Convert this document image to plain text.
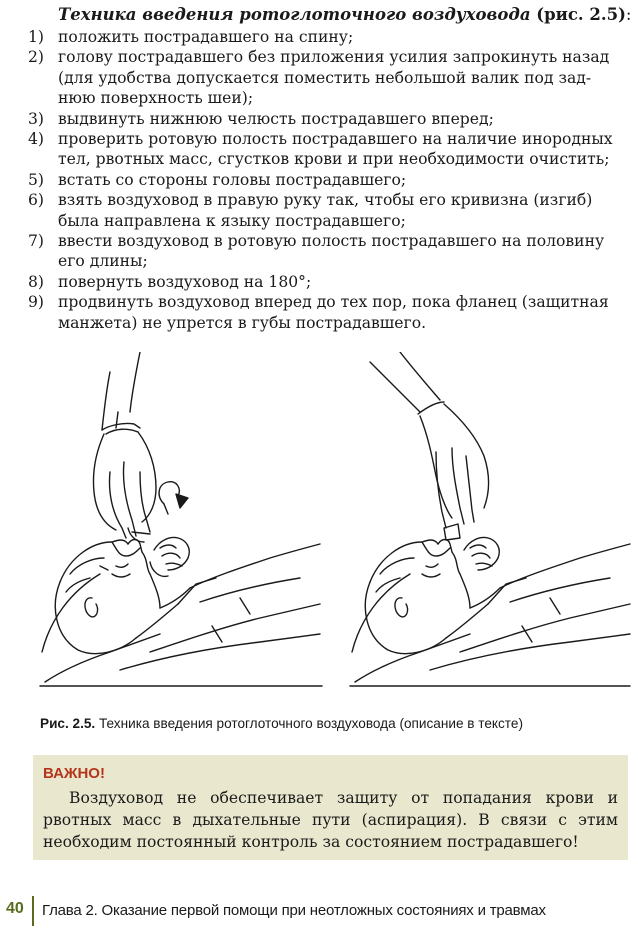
Техника введения ротоглоточного воздуховода (рис. 2.5):
1) положить пострадавшего на спину;
2) голову пострадавшего без приложения усилия запрокинуть назад
(для удобства допускается поместить небольшой валик под зад-
нюю поверхность шеи);
3) выдвинуть нижнюю челюсть пострадавшего вперед;
4) проверить ротовую полость пострадавшего на наличие инородных
тел, рвотных масс, сгустков крови и при необходимости очистить;
5) встать со стороны головы пострадавшего;
6) взять воздуховод в правую руку так, чтобы его кривизна (изгиб)
была направлена к языку пострадавшего;
7) ввести воздуховод в ротовую полость пострадавшего на половину
его длины;
8) повернуть воздуховод на 180°;
9) продвинуть воздуховод вперед до тех пор, пока фланец (защитная
манжета) не упрется в губы пострадавшего.
Рис. 2.5. Техника введения ротоглоточного воздуховода (описание в тексте)
ВАЖНО!
Воздуховод не обеспечивает защиту от попадания крови и рвотных масс в дыхательные пути (аспирация). В связи с этим необходим постоянный контроль за состоянием пострадавшего!
40 Глава 2. Оказание первой помощи при неотложных состояниях и травмах
